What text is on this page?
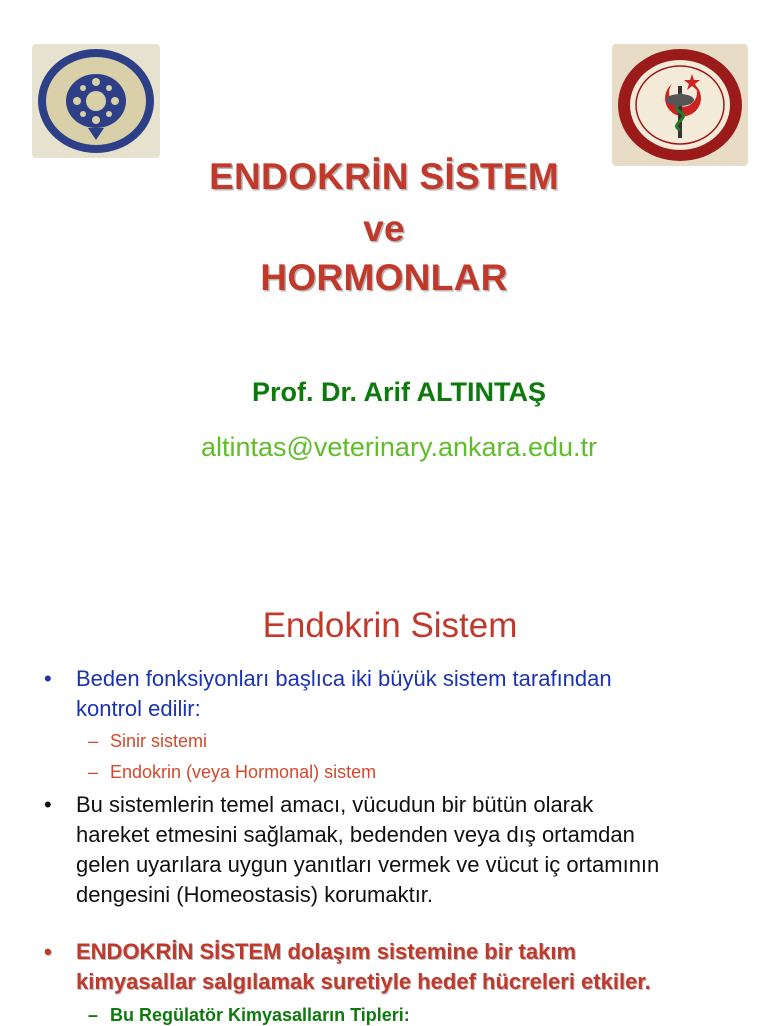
ENDOKRİN SİSTEM
ve
HORMONLAR
Prof. Dr. Arif ALTINTAŞ
altintas@veterinary.ankara.edu.tr
Endokrin Sistem
• Beden fonksiyonları başlıca iki büyük sistem tarafından
kontrol edilir:
– Sinir sistemi
– Endokrin (veya Hormonal) sistem
• Bu sistemlerin temel amacı, vücudun bir bütün olarak
hareket etmesini sağlamak, bedenden veya dış ortamdan
gelen uyarılara uygun yanıtları vermek ve vücut iç ortamının
dengesini (Homeostasis) korumaktır.
• ENDOKRİN SİSTEM dolaşım sistemine bir takım
kimyasallar salgılamak suretiyle hedef hücreleri etkiler.
– Bu Regülatör Kimyasalların Tipleri:
